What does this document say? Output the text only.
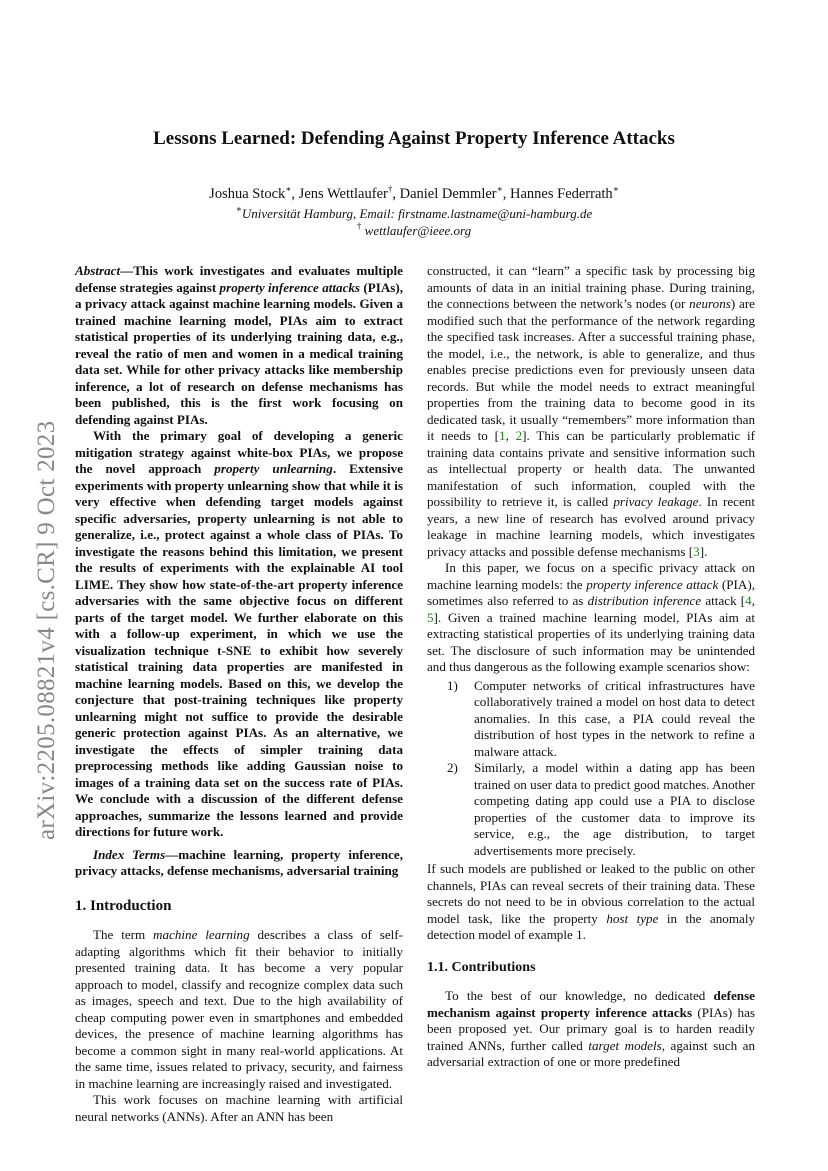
arXiv:2205.08821v4 [cs.CR] 9 Oct 2023
Lessons Learned: Defending Against Property Inference Attacks
Joshua Stock∗, Jens Wettlaufer†, Daniel Demmler∗, Hannes Federrath∗
∗Universität Hamburg, Email: firstname.lastname@uni-hamburg.de
† wettlaufer@ieee.org

Abstract—This work investigates and evaluates multiple defense strategies against property inference attacks (PIAs), a privacy attack against machine learning models. Given a trained machine learning model, PIAs aim to extract statistical properties of its underlying training data, e.g., reveal the ratio of men and women in a medical training data set. While for other privacy attacks like membership inference, a lot of research on defense mechanisms has been published, this is the first work focusing on defending against PIAs.

With the primary goal of developing a generic mitigation strategy against white-box PIAs, we propose the novel approach property unlearning. Extensive experiments with property unlearning show that while it is very effective when defending target models against specific adversaries, property unlearning is not able to generalize, i.e., protect against a whole class of PIAs. To investigate the reasons behind this limitation, we present the results of experiments with the explainable AI tool LIME. They show how state-of-the-art property inference adversaries with the same objective focus on different parts of the target model. We further elaborate on this with a follow-up experiment, in which we use the visualization technique t-SNE to exhibit how severely statistical training data properties are manifested in machine learning models. Based on this, we develop the conjecture that post-training techniques like property unlearning might not suffice to provide the desirable generic protection against PIAs. As an alternative, we investigate the effects of simpler training data preprocessing methods like adding Gaussian noise to images of a training data set on the success rate of PIAs. We conclude with a discussion of the different defense approaches, summarize the lessons learned and provide directions for future work.

Index Terms—machine learning, property inference, privacy attacks, defense mechanisms, adversarial training

1. Introduction

The term machine learning describes a class of self-adapting algorithms which fit their behavior to initially presented training data. It has become a very popular approach to model, classify and recognize complex data such as images, speech and text. Due to the high availability of cheap computing power even in smartphones and embedded devices, the presence of machine learning algorithms has become a common sight in many real-world applications. At the same time, issues related to privacy, security, and fairness in machine learning are increasingly raised and investigated.

This work focuses on machine learning with artificial neural networks (ANNs). After an ANN has been

constructed, it can “learn” a specific task by processing big amounts of data in an initial training phase. During training, the connections between the network’s nodes (or neurons) are modified such that the performance of the network regarding the specified task increases. After a successful training phase, the model, i.e., the network, is able to generalize, and thus enables precise predictions even for previously unseen data records. But while the model needs to extract meaningful properties from the training data to become good in its dedicated task, it usually “remembers” more information than it needs to [1, 2]. This can be particularly problematic if training data contains private and sensitive information such as intellectual property or health data. The unwanted manifestation of such information, coupled with the possibility to retrieve it, is called privacy leakage. In recent years, a new line of research has evolved around privacy leakage in machine learning models, which investigates privacy attacks and possible defense mechanisms [3].

In this paper, we focus on a specific privacy attack on machine learning models: the property inference attack (PIA), sometimes also referred to as distribution inference attack [4, 5]. Given a trained machine learning model, PIAs aim at extracting statistical properties of its underlying training data set. The disclosure of such information may be unintended and thus dangerous as the following example scenarios show:

1) Computer networks of critical infrastructures have collaboratively trained a model on host data to detect anomalies. In this case, a PIA could reveal the distribution of host types in the network to refine a malware attack.
2) Similarly, a model within a dating app has been trained on user data to predict good matches. Another competing dating app could use a PIA to disclose properties of the customer data to improve its service, e.g., the age distribution, to target advertisements more precisely.

If such models are published or leaked to the public on other channels, PIAs can reveal secrets of their training data. These secrets do not need to be in obvious correlation to the actual model task, like the property host type in the anomaly detection model of example 1.

1.1. Contributions

To the best of our knowledge, no dedicated defense mechanism against property inference attacks (PIAs) has been proposed yet. Our primary goal is to harden readily trained ANNs, further called target models, against such an adversarial extraction of one or more predefined
